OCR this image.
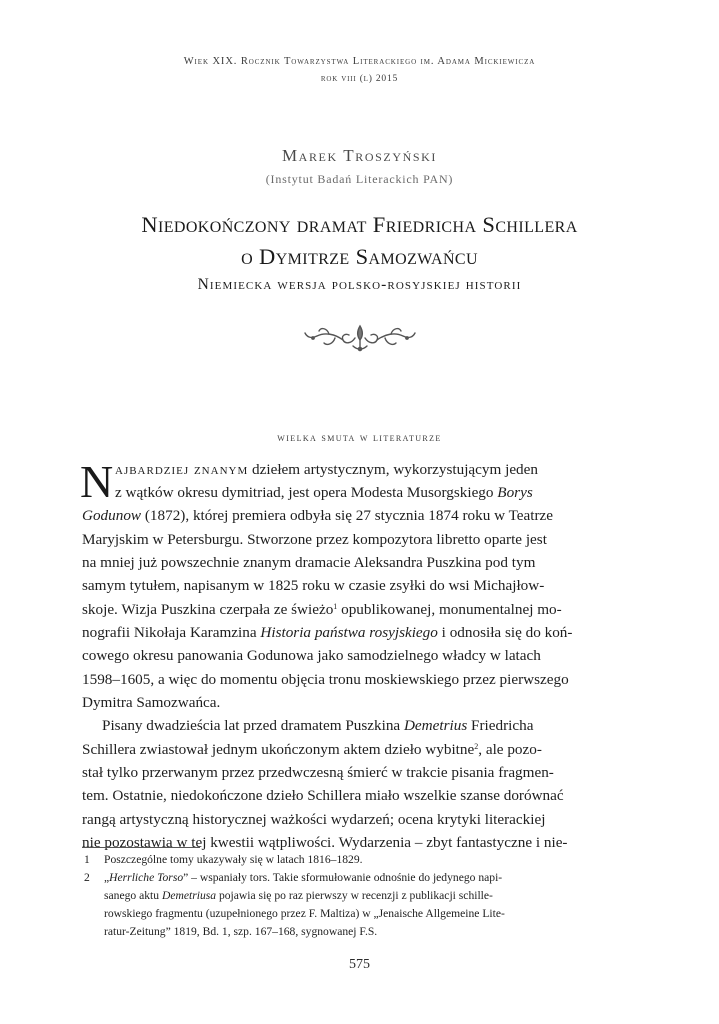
Wiek XIX. Rocznik Towarzystwa Literackiego im. Adama Mickiewicza
rok viii (l) 2015
Marek Troszyński
(Instytut Badań Literackich PAN)
Niedokończony dramat Friedricha Schillera
o Dymitrze Samozwańcu
Niemiecka wersja polsko-rosyjskiej historii
wielka smuta w literaturze
N ajbardziej znanym dziełem artystycznym, wykorzystującym jeden
z wątków okresu dymitriad, jest opera Modesta Musorgskiego Borys
Godunow (1872), której premiera odbyła się 27 stycznia 1874 roku w Teatrze
Maryjskim w Petersburgu. Stworzone przez kompozytora libretto oparte jest
na mniej już powszechnie znanym dramacie Aleksandra Puszkina pod tym
samym tytułem, napisanym w 1825 roku w czasie zsyłki do wsi Michajłow-
skoje. Wizja Puszkina czerpała ze świeżo$^1$ opublikowanej, monumentalnej mo-
nografii Nikołaja Karamzina Historia państwa rosyjskiego i odnosiła się do koń-
cowego okresu panowania Godunowa jako samodzielnego władcy w latach
1598–1605, a więc do momentu objęcia tronu moskiewskiego przez pierwszego
Dymitra Samozwańca.
Pisany dwadzieścia lat przed dramatem Puszkina Demetrius Friedricha
Schillera zwiastował jednym ukończonym aktem dzieło wybitne$^2$, ale pozo-
stał tylko przerwanym przez przedwczesną śmierć w trakcie pisania fragmen-
tem. Ostatnie, niedokończone dzieło Schillera miało wszelkie szanse dorównać
rangą artystyczną historycznej ważkości wydarzeń; ocena krytyki literackiej
nie pozostawia w tej kwestii wątpliwości. Wydarzenia – zbyt fantastyczne i nie-
1 Poszczególne tomy ukazywały się w latach 1816–1829.
2 „Herrliche Torso” – wspaniały tors. Takie sformułowanie odnośnie do jedynego napi-
sanego aktu Demetriusa pojawia się po raz pierwszy w recenzji z publikacji schille-
rowskiego fragmentu (uzupełnionego przez F. Maltiza) w „Jenaische Allgemeine Lite-
ratur-Zeitung” 1819, Bd. 1, szp. 167–168, sygnowanej F.S.
575
